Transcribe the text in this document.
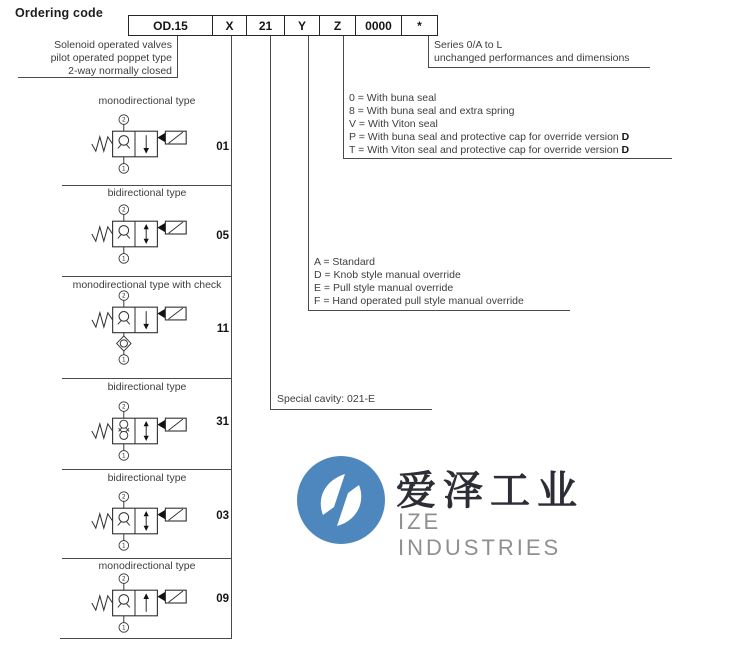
Ordering code
OD.15	X	21	Y	Z	0000	*
Solenoid operated valves
pilot operated poppet type
2-way normally closed
Series 0/A to L
unchanged performances and dimensions
0 = With buna seal
8 = With buna seal and extra spring
V = With Viton seal
P = With buna seal and protective cap for override version D
T = With Viton seal and protective cap for override version D
A = Standard
D = Knob style manual override
E = Pull style manual override
F = Hand operated pull style manual override
Special cavity: 021-E
monodirectional type
2
1
01
bidirectional type
2
1
05
monodirectional type with check
2
1
11
bidirectional type
2
1
31
bidirectional type
2
1
03
monodirectional type
2
1
09
爱泽工业
IZE INDUSTRIES
